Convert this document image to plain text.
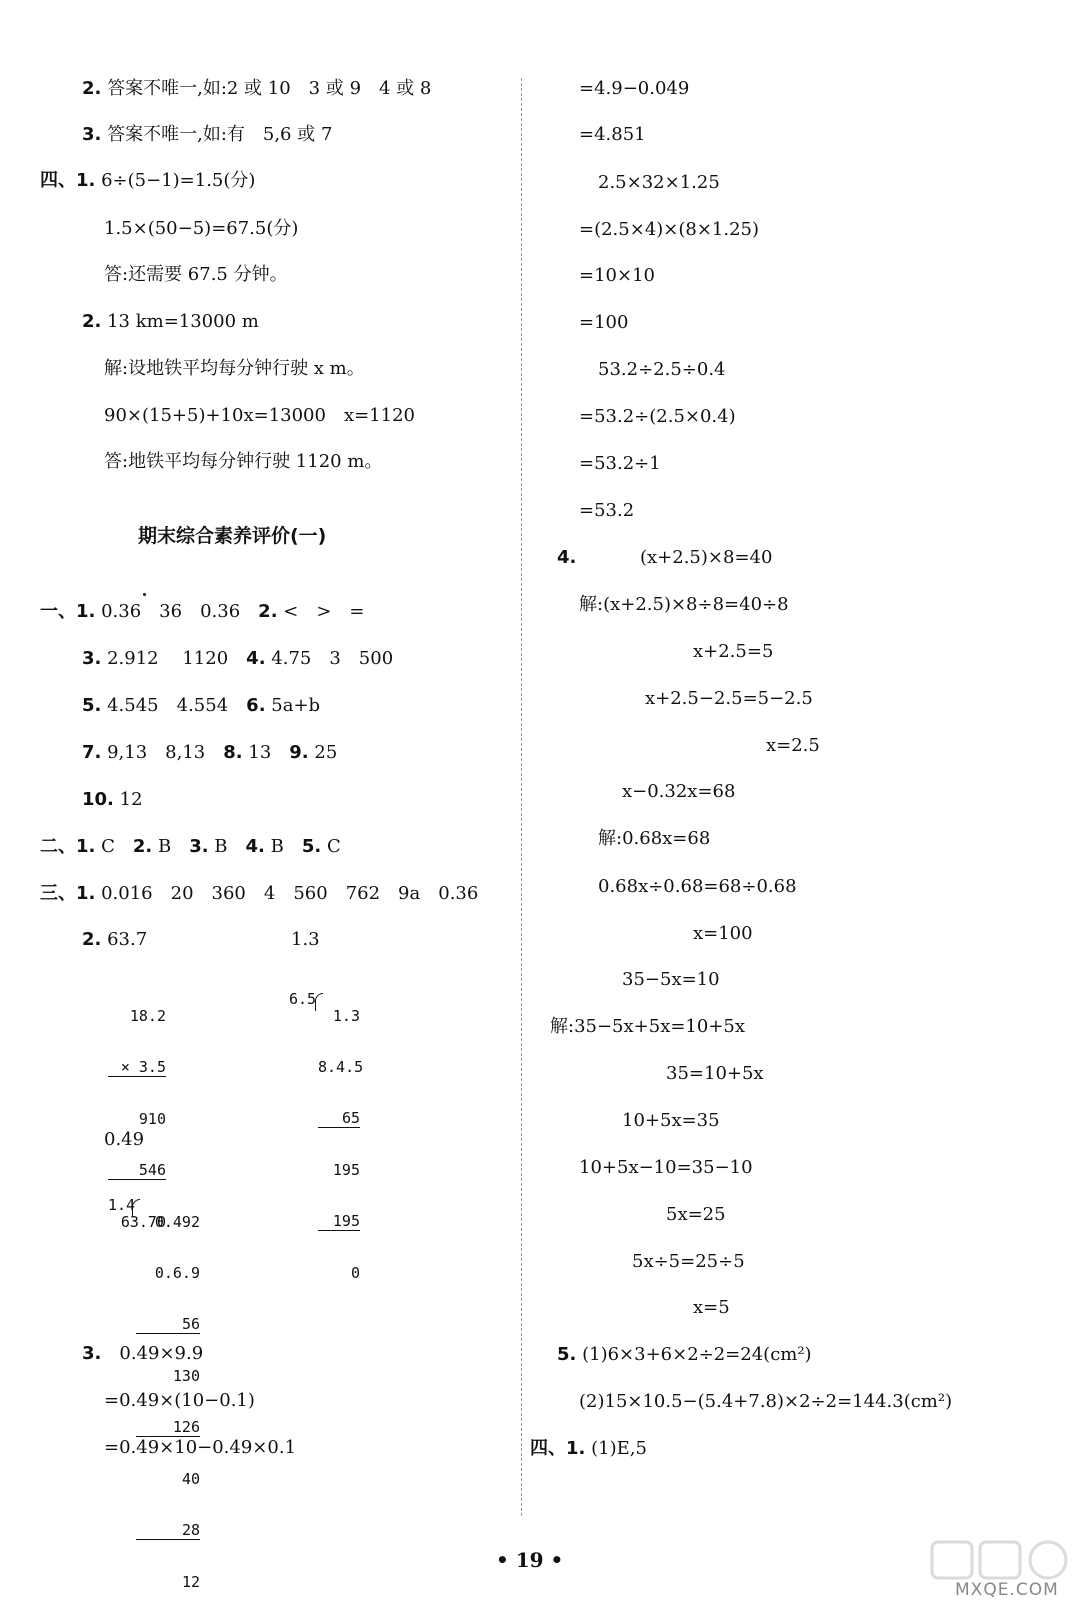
2. 答案不唯一,如:2 或 10　3 或 9　4 或 8
3. 答案不唯一,如:有　5,6 或 7
四、1. 6÷(5−1)=1.5(分)
1.5×(50−5)=67.5(分)
答:还需要 67.5 分钟。
2. 13 km=13000 m
解:设地铁平均每分钟行驶 x m。
90×(15+5)+10x=13000　x=1120
答:地铁平均每分钟行驶 1120 m。
期末综合素养评价(一)
一、1. 0.36　36　0.36　2. <　>　=
3. 2.912　 1120　4. 4.75　3　500
5. 4.545　4.554　6. 5a+b
7. 9,13　8,13　8. 13　9. 25
10. 12
二、1. C　2. B　3. B　4. B　5. C
三、1. 0.016　20　360　4　560　762　9a　0.36
2. 63.7	1.3

18.2

× 3.5

910

546

63.70

6.5

1.3

8.4.5

65

195

195

0

0.49
1.4

0.492

0.6.9

56

130

126

40

28

12

3.　0.49×9.9
=0.49×(10−0.1)
=0.49×10−0.49×0.1
=4.9−0.049
=4.851
2.5×32×1.25
=(2.5×4)×(8×1.25)
=10×10
=100
53.2÷2.5÷0.4
=53.2÷(2.5×0.4)
=53.2÷1
=53.2
4.	(x+2.5)×8=40
解:(x+2.5)×8÷8=40÷8
x+2.5=5
x+2.5−2.5=5−2.5
x=2.5
x−0.32x=68
解:0.68x=68
0.68x÷0.68=68÷0.68
x=100
35−5x=10
解:35−5x+5x=10+5x
35=10+5x
10+5x=35
10+5x−10=35−10
5x=25
5x÷5=25÷5
x=5
5. (1)6×3+6×2÷2=24(cm²)
(2)15×10.5−(5.4+7.8)×2÷2=144.3(cm²)
四、1. (1)E,5
• 19 •
MXQE.COM
